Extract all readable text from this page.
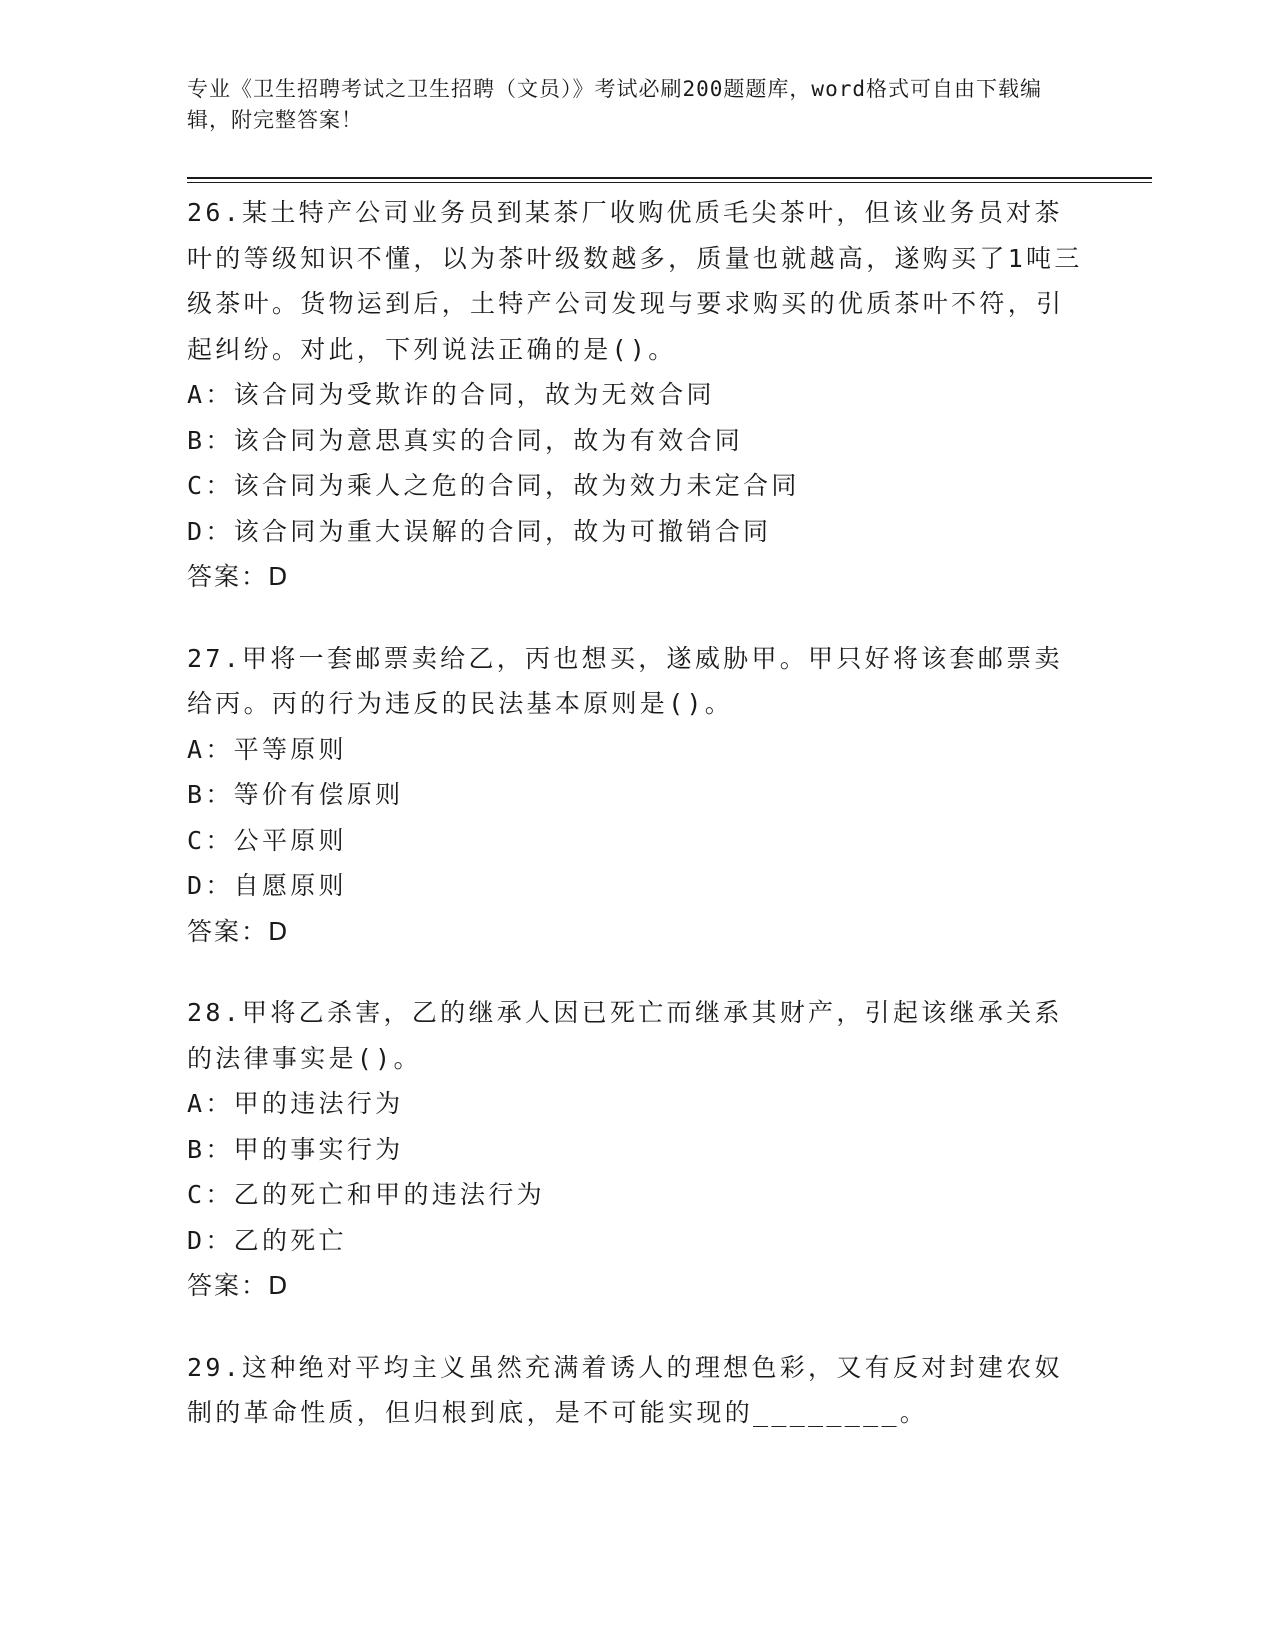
专业《卫生招聘考试之卫生招聘（文员）》考试必刷200题题库，word格式可自由下载编辑，附完整答案！

26.某土特产公司业务员到某茶厂收购优质毛尖茶叶，但该业务员对茶叶的等级知识不懂，以为茶叶级数越多，质量也就越高，遂购买了1吨三级茶叶。货物运到后，土特产公司发现与要求购买的优质茶叶不符，引起纠纷。对此，下列说法正确的是()。

A：该合同为受欺诈的合同，故为无效合同

B：该合同为意思真实的合同，故为有效合同

C：该合同为乘人之危的合同，故为效力未定合同

D：该合同为重大误解的合同，故为可撤销合同

答案：D

27.甲将一套邮票卖给乙，丙也想买，遂威胁甲。甲只好将该套邮票卖给丙。丙的行为违反的民法基本原则是()。

A：平等原则

B：等价有偿原则

C：公平原则

D：自愿原则

答案：D

28.甲将乙杀害，乙的继承人因已死亡而继承其财产，引起该继承关系的法律事实是()。

A：甲的违法行为

B：甲的事实行为

C：乙的死亡和甲的违法行为

D：乙的死亡

答案：D

29.这种绝对平均主义虽然充满着诱人的理想色彩，又有反对封建农奴制的革命性质，但归根到底，是不可能实现的________。
